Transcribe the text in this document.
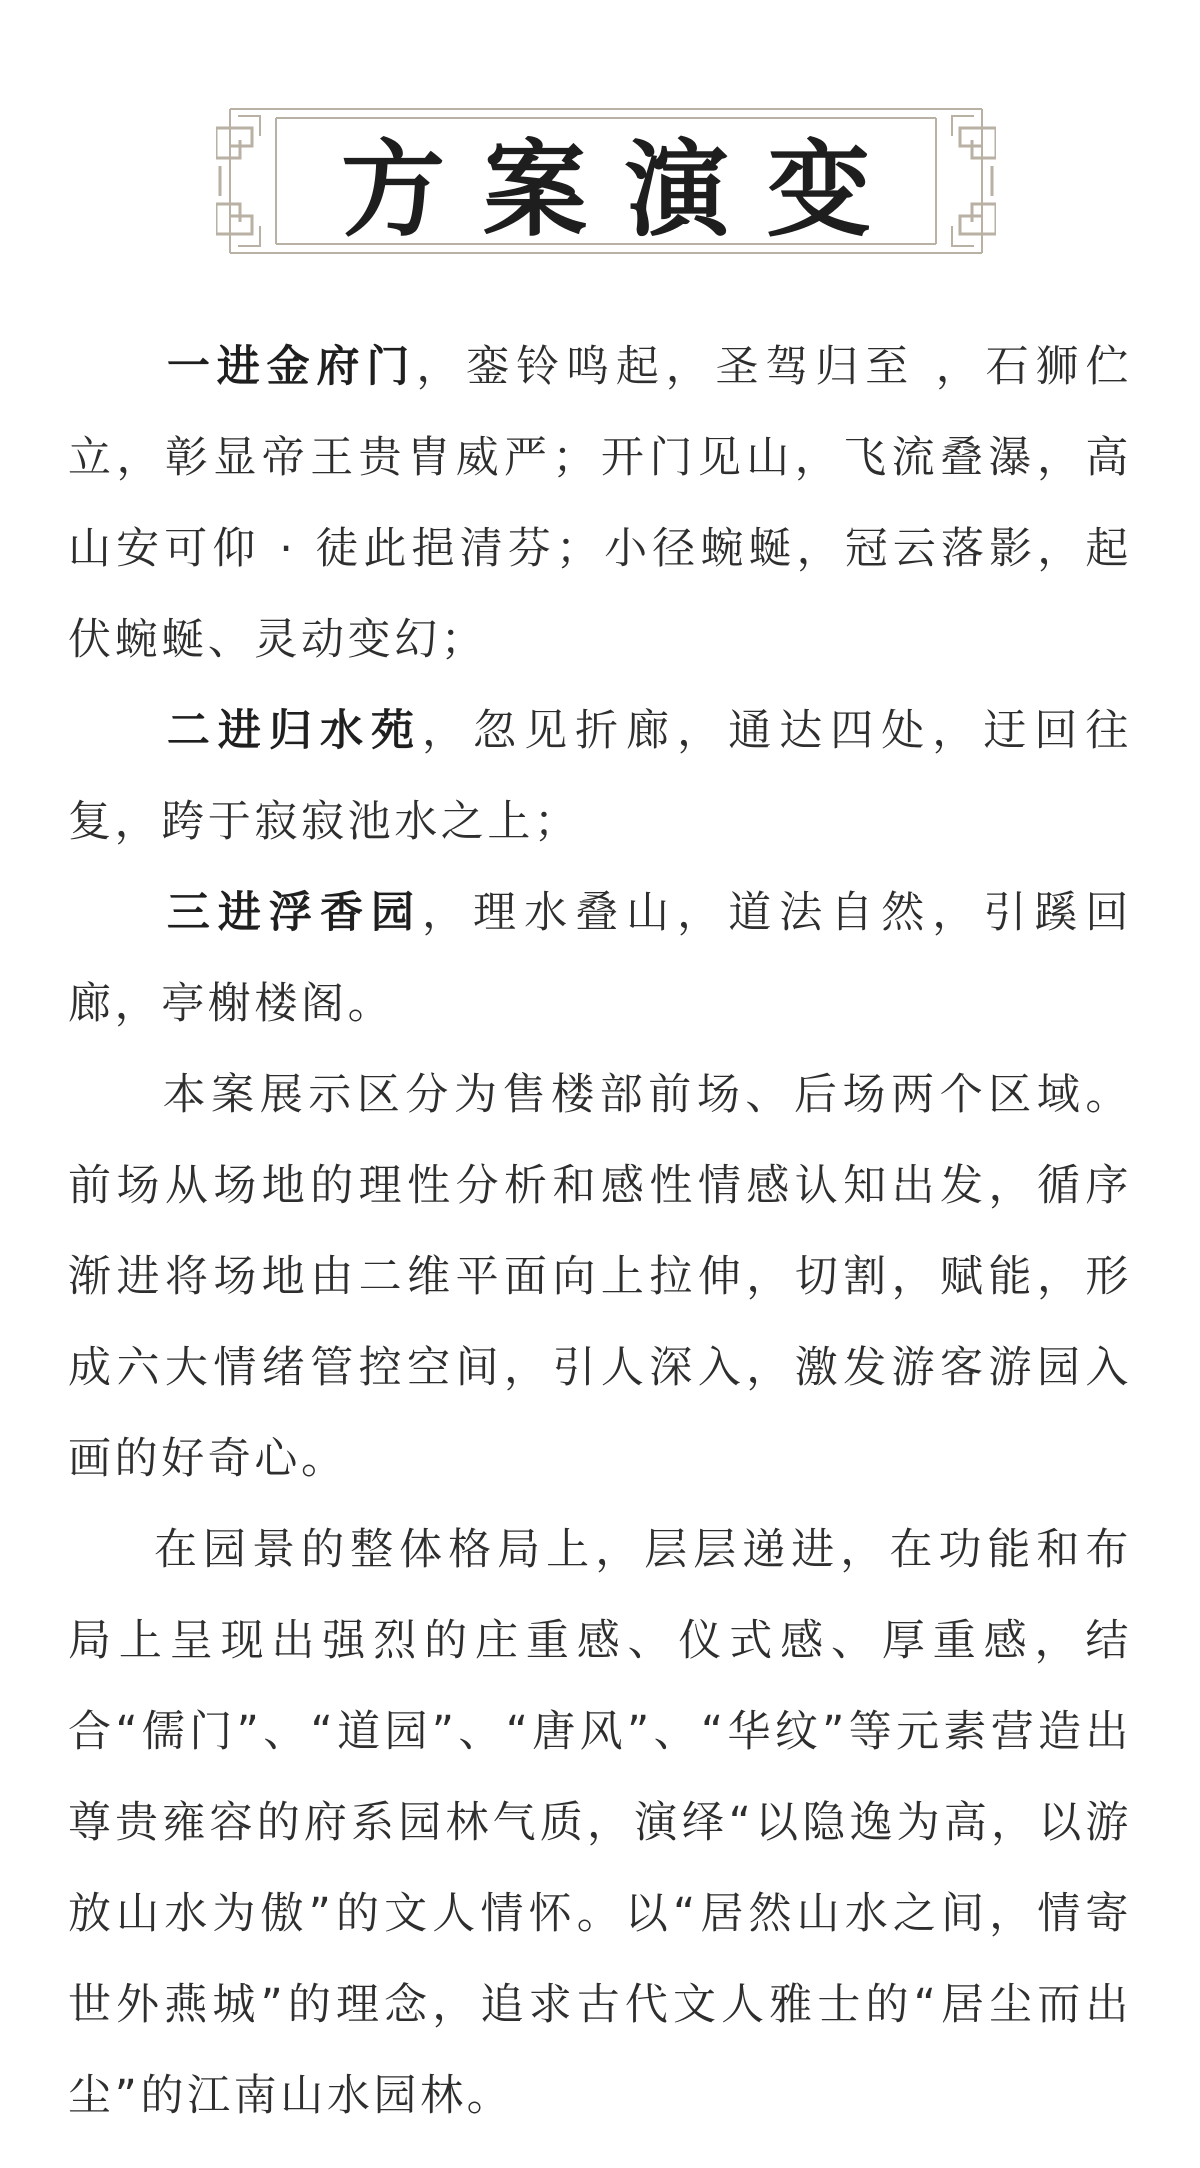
方案演变

一进金府门，銮铃鸣起，圣驾归至 ，石狮伫立，彰显帝王贵胄威严；开门见山，飞流叠瀑，高山安可仰 · 徒此挹清芬；小径蜿蜒，冠云落影，起伏蜿蜒、灵动变幻；

二进归水苑，忽见折廊，通达四处，迂回往复，跨于寂寂池水之上；

三进浮香园，理水叠山，道法自然，引蹊回廊，亭榭楼阁。

本案展示区分为售楼部前场、后场两个区域。前场从场地的理性分析和感性情感认知出发，循序渐进将场地由二维平面向上拉伸，切割，赋能，形成六大情绪管控空间，引人深入，激发游客游园入画的好奇心。

在园景的整体格局上，层层递进，在功能和布局上呈现出强烈的庄重感、仪式感、厚重感，结合“儒门”、“道园”、“唐风”、“华纹”等元素营造出尊贵雍容的府系园林气质，演绎“以隐逸为高，以游放山水为傲”的文人情怀。以“居然山水之间，情寄世外燕城”的理念，追求古代文人雅士的“居尘而出尘”的江南山水园林。
